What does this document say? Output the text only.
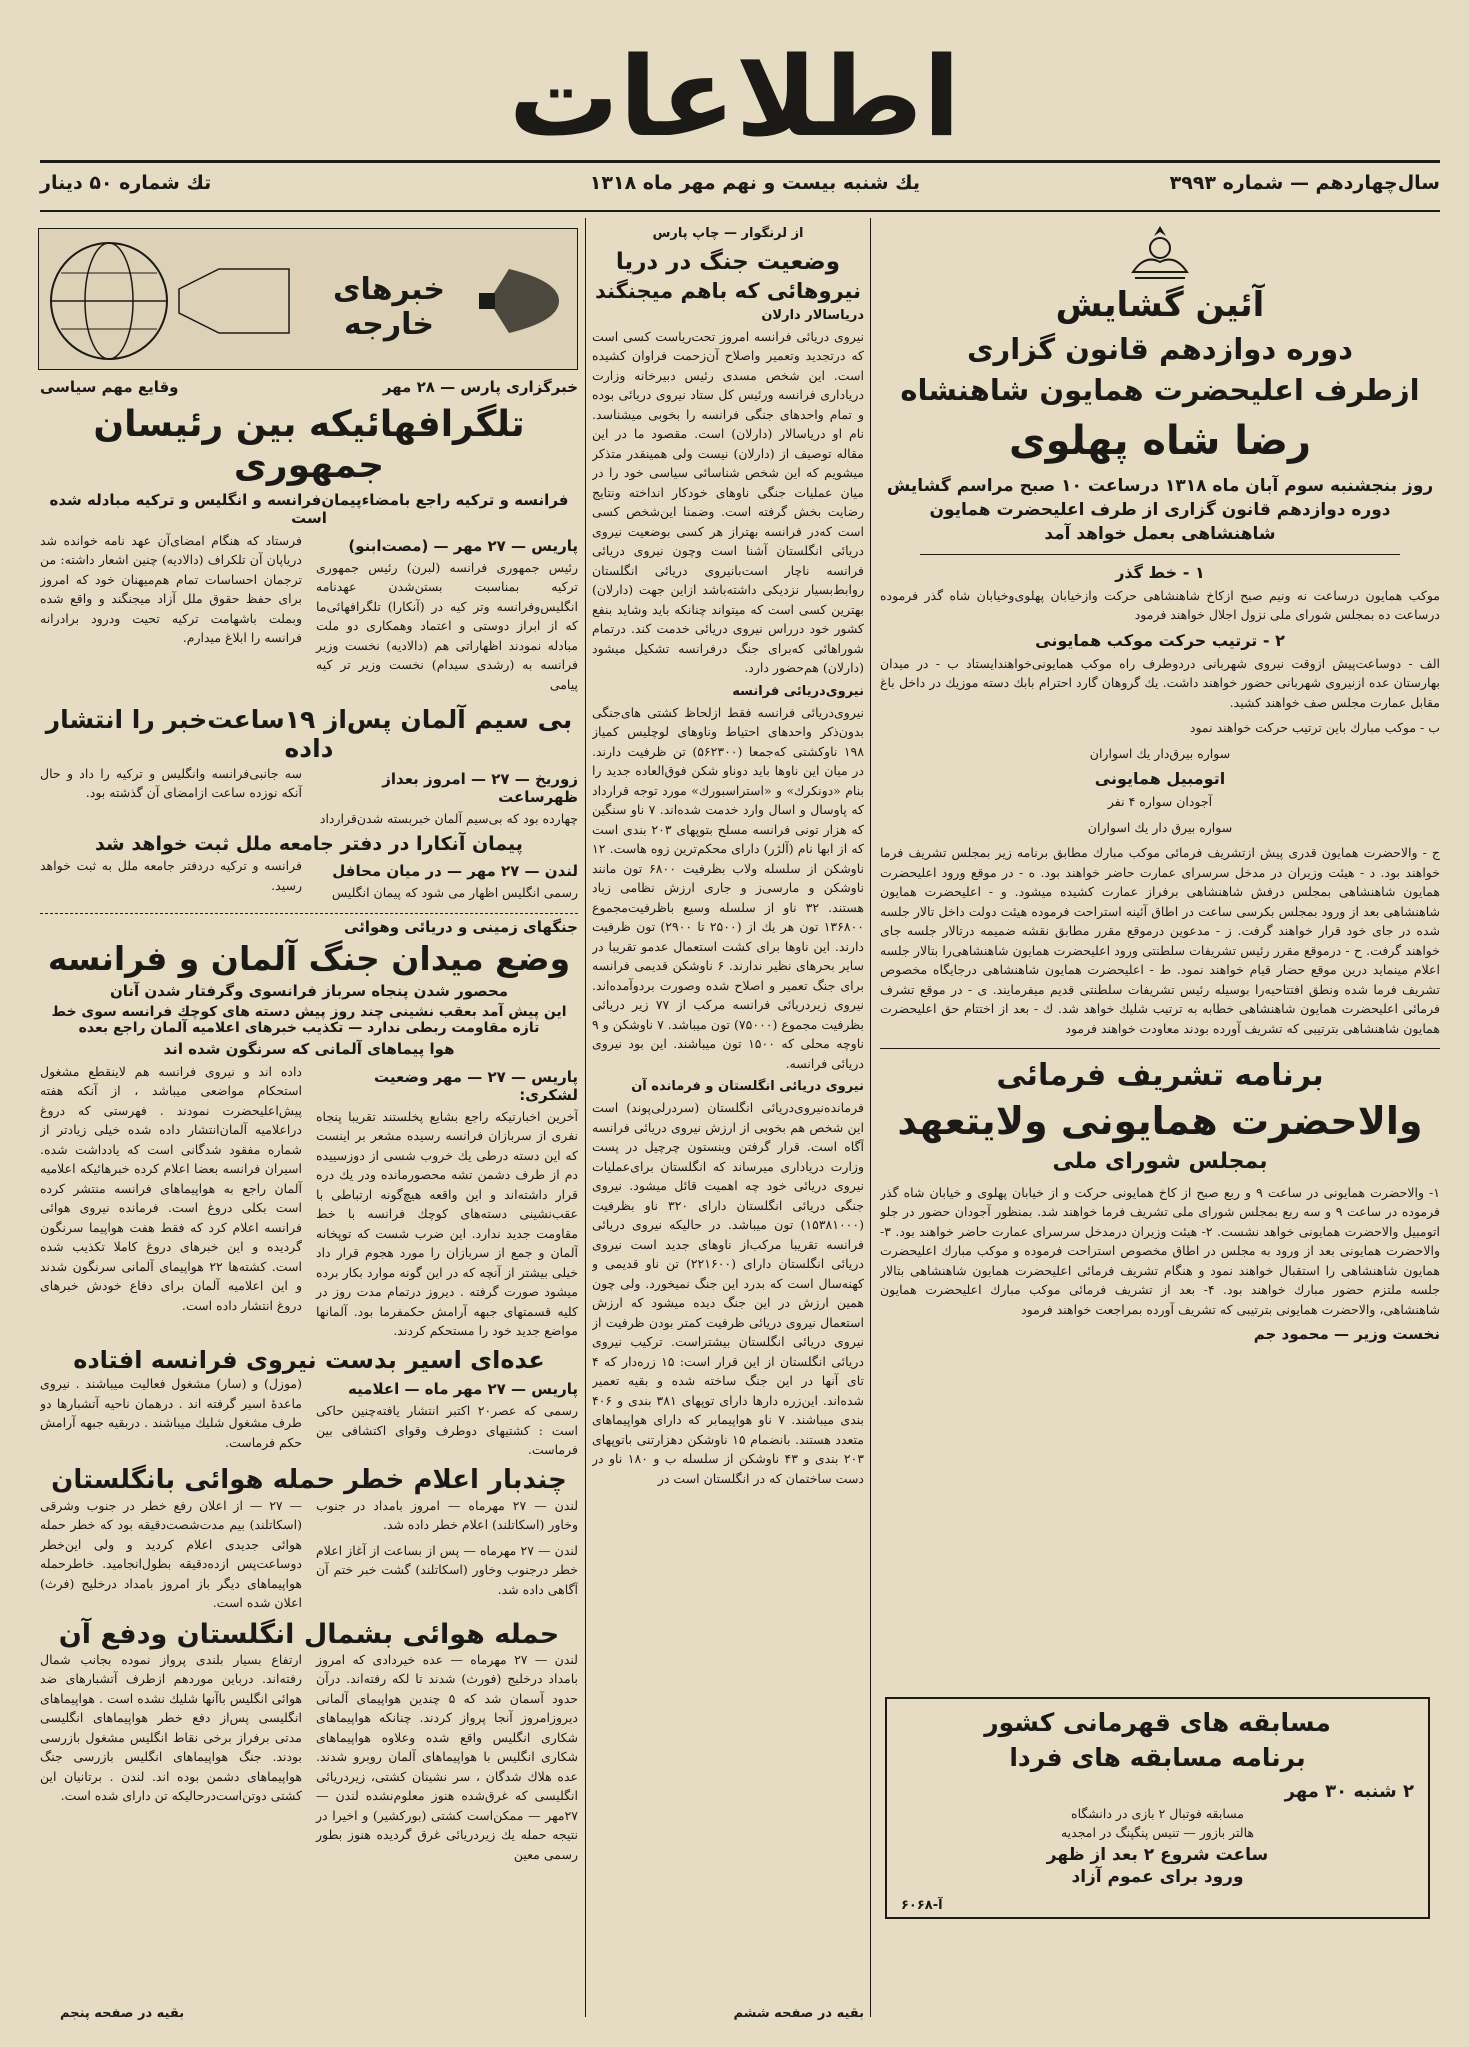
اطلاعات
سال‌چهاردهم — شماره ۳۹۹۳
یك شنبه بیست و نهم مهر ماه ۱۳۱۸
تك شماره ۵۰ دینار

آئین گشایش

دوره دوازدهم قانون گزاری

ازطرف اعلیحضرت همایون شاهنشاه

رضا شاه پهلوی

روز بنجشنبه سوم آبان ماه ۱۳۱۸ درساعت ۱۰ صبح مراسم گشایش دوره دوازدهم قانون گزاری از طرف اعلیحضرت همایون شاهنشاهی بعمل خواهد آمد

۱ - خط گذر

موکب همایون درساعت نه ونیم صبح ازکاخ شاهنشاهی حرکت وازخیابان پهلوی‌وخیابان شاه گذر فرموده درساعت ده بمجلس شورای ملی نزول اجلال خواهند فرمود

۲ - ترتیب حرکت موکب همایونی

الف - دوساعت‌پیش ازوقت نیروی شهربانی دردوطرف راه موکب همایونی‌خواهندایستاد ب - در میدان بهارستان عده ازنیروی شهربانی حضور خواهند داشت. یك گروهان گارد احترام بابك دسته موزیك در داخل باغ مقابل عمارت مجلس صف خواهند کشید.

ب - موکب مبارك باین ترتیب حرکت خواهند نمود

سواره بیرق‌دار یك اسواران

اتومبیل همایونی

آجودان سواره ۴ نفر

سواره بیرق دار یك اسواران

ج - والاحضرت همایون قدری پیش ازتشریف فرمائی موکب مبارك مطابق برنامه زیر بمجلس تشریف فرما خواهند بود. د - هیئت وزیران در مدخل سرسرای عمارت حاضر خواهند بود. ه - در موقع ورود اعلیحضرت همایون شاهنشاهی بمجلس درفش شاهنشاهی برفراز عمارت کشیده میشود. و - اعلیحضرت همایون شاهنشاهی بعد از ورود بمجلس بکرسی ساعت در اطاق آئینه استراحت فرموده هیئت دولت داخل تالار جلسه شده در جای خود قرار خواهند گرفت. ز - مدعوین درموقع مقرر مطابق نقشه ضمیمه درتالار جلسه جای خواهند گرفت. ح - درموقع مقرر رئیس تشریفات سلطنتی ورود اعلیحضرت همایون شاهنشاهی‌را بتالار جلسه اعلام مینماید درین موقع حضار قیام خواهند نمود. ط - اعلیحضرت همایون شاهنشاهی درجایگاه مخصوص تشریف فرما شده ونطق افتتاحیه‌را بوسیله رئیس تشریفات سلطنتی قدیم میفرمایند. ی - در موقع تشرف فرمائی اعلیحضرت همایون شاهنشاهی خطابه به ترتیب شلیك خواهد شد. ك - بعد از اختتام حق اعلیحضرت همایون شاهنشاهی بترتیبی که تشریف آورده بودند معاودت خواهند فرمود

برنامه تشریف فرمائی

والاحضرت همایونی ولایتعهد

بمجلس شورای ملی

۱- والاحضرت همایونی در ساعت ۹ و ربع صبح از کاخ همایونی حرکت و از خیابان پهلوی و خیابان شاه گذر فرموده در ساعت ۹ و سه ربع بمجلس شورای ملی تشریف فرما خواهند شد. بمنظور آجودان حضور در جلو اتومبیل والاحضرت همایونی خواهد نشست. ۲- هیئت وزیران درمدخل سرسرای عمارت حاضر خواهند بود. ۳- والاحضرت همایونی بعد از ورود به مجلس در اطاق مخصوص استراحت فرموده و موکب مبارك اعلیحضرت همایون شاهنشاهی را استقبال خواهند نمود و هنگام تشریف فرمائی اعلیحضرت همایون شاهنشاهی بتالار جلسه ملتزم حضور مبارك خواهند بود. ۴- بعد از تشریف فرمائی موکب مبارك اعلیحضرت همایون شاهنشاهی، والاحضرت همایونی بترتیبی که تشریف آورده بمراجعت خواهند فرمود

نخست وزیر — محمود جم

مسابقه های قهرمانی کشور

برنامه مسابقه های فردا

۲ شنبه ۳۰ مهر

مسابقه فوتبال ۲ بازی در دانشگاه

هالتر بازور — تنیس پنگپنگ در امجدیه

ساعت شروع ۲ بعد از ظهر

ورود برای عموم آزاد

آ-۶۰۶۸

از لرنگوار — چاپ پارس

وضعیت جنگ در دریا

نیروهائی که باهم میجنگند

دریاسالار دارلان

نیروی دریائی فرانسه امروز تحت‌ریاست کسی است که درتجدید وتعمیر واصلاح آن‌زحمت فراوان کشیده است. این شخص مسدی رئیس دبیرخانه وزارت دریاداری فرانسه ورئیس کل ستاد نیروی دریائی بوده و تمام واحدهای جنگی فرانسه را بخوبی میشناسد. نام او دریاسالار (دارلان) است. مقصود ما در این مقاله توصیف از (دارلان) نیست ولی همینقدر متذکر میشویم که این شخص شناسائی سیاسی خود را در میان عملیات جنگی ناوهای خودکار انداخته ونتایج رضایت بخش گرفته است. وضمنا این‌شخص کسی است که‌در فرانسه بهتراز هر کسی بوضعیت نیروی دریائی انگلستان آشنا است وچون نیروی دریائی فرانسه ناچار است‌بانیروی دریائی انگلستان روابط‌بسیار نزدیکی داشته‌باشد ازاین جهت (دارلان) بهترین کسی است که میتواند چنانکه باید وشاید بنفع کشور خود درراس نیروی دریائی خدمت کند. درتمام شوراهائی که‌برای جنگ درفرانسه تشکیل میشود (دارلان) هم‌حضور دارد.

نیروی‌دریائی فرانسه

نیروی‌دریائی فرانسه فقط ازلحاظ کشتی های‌جنگی بدون‌ذکر واحدهای احتیاط وناوهای لوچلیس کمیاز ۱۹۸ ناوکشتی که‌جمعا (۵۶۲۳۰۰) تن ظرفیت دارند. در میان این ناوها باید دوناو شکن فوق‌العاده جدید را بنام «دونکرك» و «استراسبورك» مورد توجه قرارداد که پاوسال و اسال وارد خدمت شده‌اند. ۷ ناو سنگین که هزار تونی فرانسه مسلح بتوپهای ۲۰۳ بندی است که از ابها نام (آلژر) دارای محکم‌ترین زوه هاست. ۱۲ ناوشکن از سلسله ولاب بظرفیت ۶۸۰۰ تون مانند ناوشکن و مارسی‌ز و جاری ارزش نظامی زیاد هستند. ۳۲ ناو از سلسله وسیع باظرفیت‌مجموع ۱۳۶۸۰۰ تون هر یك از (۲۵۰۰ تا ۲۹۰۰) تون ظرفیت دارند. این ناوها برای کشت استعمال عدمو تقریبا در سایر بحرهای نظیر ندارند. ۶ ناوشکن قدیمی فرانسه برای جنگ تعمیر و اصلاح شده وصورت بردوآمده‌اند. نیروی زیردریائی فرانسه مرکب از ۷۷ زیر دریائی بظرفیت مجموع (۷۵۰۰۰) تون میباشد. ۷ ناوشکن و ۹ ناوچه محلی که ۱۵۰۰ تون میباشند. این بود نیروی دریائی فرانسه.

نیروی دریائی انگلستان و فرمانده آن

فرمانده‌نیروی‌دریائی انگلستان (سردرلی‌پوند) است این شخص هم بخوبی از ارزش نیروی دریائی فرانسه آگاه است. قرار گرفتن وینستون چرچیل در پست وزارت دریاداری میرساند که انگلستان برای‌عملیات نیروی دریائی خود چه اهمیت قائل میشود. نیروی جنگی دریائی انگلستان دارای ۳۲۰ ناو بظرفیت (۱۵۳۸۱۰۰۰) تون میباشد. در حالیکه نیروی دریائی فرانسه تقریبا مرکب‌از ناوهای جدید است نیروی دریائی انگلستان دارای (۲۲۱۶۰۰) تن ناو قدیمی و کهنه‌سال است که بدرد این جنگ نمیخورد. ولی چون همین ارزش در این جنگ دیده میشود که ارزش استعمال نیروی دریائی ظرفیت کمتر بودن ظرفیت از نیروی دریائی انگلستان بیشتراست. ترکیب نیروی دریائی انگلستان از این قرار است: ۱۵ زره‌دار که ۴ تای آنها در این جنگ ساخته شده و بقیه تعمیر شده‌اند. این‌زره دارها دارای توپهای ۳۸۱ بندی و ۴۰۶ بندی میباشند. ۷ ناو هواپیمابر که دارای هواپیماهای متعدد هستند. بانضمام ۱۵ ناوشکن دهزارتنی باتوپهای ۲۰۳ بندی و ۴۳ ناوشکن از سلسله ب و ۱۸۰ ناو در دست ساختمان که در انگلستان است در

بقیه در صفحه ششم

خبرهای خارجه

خبرگزاری پارس — ۲۸ مهر

وقایع مهم سیاسی

تلگرافهائیکه بین رئیسان جمهوری

فرانسه و ترکیه راجع بامضاءپیمان‌فرانسه و انگلیس و ترکیه مبادله شده است

پاریس — ۲۷ مهر — (مصت‌ابنو)

رئیس جمهوری فرانسه (لبرن) رئیس جمهوری ترکیه بمناسبت بستن‌شدن عهدنامه انگلیس‌وفرانسه وتر کیه در (آنکارا) تلگرافهائی‌ما که از ابراز دوستی و اعتماد وهمکاری دو ملت مبادله نمودند اظهاراتی هم (دالادیه) نخست وزیر فرانسه به (رشدی سیدام) نخست وزیر تر کیه پیامی

فرستاد که هنگام امضای‌آن عهد نامه خوانده شد دریاپان آن تلکراف (دالادیه) چنین اشعار داشته: من ترجمان احساسات تمام هم‌میهنان خود که امروز برای حفظ حقوق ملل آزاد میجنگند و واقع شده وبملت باشهامت ترکیه تحیت ودرود برادرانه فرانسه را ابلاغ میدارم.

بی سیم آلمان پس‌از ۱۹ساعت‌خبر را انتشار داده

زوریخ — ۲۷ — امروز بعداز ظهرساعت

چهارده بود که بی‌سیم آلمان خبربسته شدن‌قرارداد

سه جانبی‌فرانسه وانگلیس و ترکیه را داد و حال آنکه نوزده ساعت ازامضای آن گذشته بود.

پیمان آنکارا در دفتر جامعه ملل ثبت خواهد شد

لندن — ۲۷ مهر — در میان محافل

رسمی انگلیس اظهار می شود که پیمان انگلیس

فرانسه و ترکیه دردفتر جامعه ملل به ثبت خواهد رسید.

جنگهای زمینی و دریائی وهوائی

وضع میدان جنگ آلمان و فرانسه

محصور شدن پنجاه سرباز فرانسوی وگرفتار شدن آنان

این پیش آمد بعقب نشینی چند روز پیش دسته های کوچك فرانسه سوی خط تازه مقاومت ربطی ندارد — تکذیب خبرهای اعلامیه آلمان راجع بعده

هوا پیماهای آلمانی که سرنگون شده اند

پاریس — ۲۷ — مهر وضعیت لشکری:

آخرین اخبارتیکه راجع بشایع پخلستند تقریبا پنجاه نفری از سربازان فرانسه رسیده مشعر بر اینست که این دسته درطی یك خروب شسی از دوزسییده دم از طرف دشمن تشه محصورمانده ودر یك دره قرار داشته‌اند و این واقعه هیچ‌گونه ارتباطی با عقب‌نشینی دسته‌های کوچك فرانسه با خط مقاومت جدید ندارد. این ضرب شست که توپخانه آلمان و جمع از سربازان را مورد هجوم قرار داد خیلی بیشتر از آنچه که در این گونه موارد بکار برده میشود صورت گرفته . دیروز درتمام مدت روز در کلیه قسمتهای جبهه آرامش حکمفرما بود. آلمانها مواضع جدید خود را مستحکم کردند.

داده اند و نیروی فرانسه هم لاینقطع مشغول استحکام مواضعی میباشد ، از آنکه هفته پیش‌اعلیحضرت نمودند . فهرستی که دروغ دراعلامیه آلمان‌انتشار داده شده خیلی زیادتر از شماره مفقود شدگانی است که یادداشت شده. اسیران فرانسه بعضا اعلام کرده خبرهائیکه اعلامیه آلمان راجع به هواپیماهای فرانسه منتشر کرده است بکلی دروغ است. فرمانده نیروی هوائی فرانسه اعلام کرد که فقط هفت هواپیما سرنگون گردیده و این خبرهای دروغ کاملا تکذیب شده است. کشته‌ها ۲۲ هواپیمای آلمانی سرنگون شدند و این اعلامیه آلمان برای دفاع خودش خبرهای دروغ انتشار داده است.

عده‌ای اسیر بدست نیروی فرانسه افتاده

پاریس — ۲۷ مهر ماه — اعلامیه

رسمی که عصر۲۰ اکتبر انتشار یافته‌چنین حاکی است : کشتیهای دوطرف وقوای اکتشافی بین فرماست.

(موزل) و (سار) مشغول فعالیت میباشند . نیروی ماعدۀ اسیر گرفته اند . درهمان ناحیه آتشبارها دو طرف مشغول شلیك میباشند . دربقیه جبهه آرامش حکم فرماست.

چندبار اعلام خطر حمله هوائی بانگلستان

لندن — ۲۷ مهرماه — امروز بامداد در جنوب وخاور (اسکاتلند) اعلام خطر داده شد.

لندن — ۲۷ مهرماه — پس از بساعت از آغاز اعلام خطر درجنوب وخاور (اسکاتلند) گشت خبر ختم آن آگاهی داده شد.

— ۲۷ — از اعلان رفع خطر در جنوب وشرقی (اسکاتلند) بیم مدت‌شصت‌دقیقه بود که خطر حمله هوائی جدیدی اعلام کردید و ولی این‌خطر دوساعت‌پس ازده‌دقیقه بطول‌انجامید. خاطرحمله هواپیماهای دیگر باز امروز بامداد درخلیج (فرث) اعلان شده است.

حمله هوائی بشمال انگلستان ودفع آن

لندن — ۲۷ مهرماه — عده خیردادی که امروز بامداد درخلیج (فورث) شدند تا لکه رفته‌اند. درآن حدود آسمان شد که ۵ چندین هواپیمای آلمانی دیروزامروز آنجا پرواز کردند. چنانکه هواپیماهای شکاری انگلیس واقع شده وعلاوه هواپیماهای شکاری انگلیس با هواپیماهای آلمان روبرو شدند. عده هلاك شدگان ، سر نشینان کشتی، زیردریائی انگلیسی که غرق‌شده هنوز معلوم‌نشده لندن — ۲۷مهر — ممکن‌است کشتی (بورکشیر) و اخیرا در نتیجه حمله یك زیردریائی غرق گردیده هنوز بطور رسمی معین

ارتفاع بسیار بلندی پرواز نموده بجانب شمال رفته‌اند. درباین موردهم ازطرف آتشبارهای ضد هوائی انگلیس باآنها شلیك نشده است . هواپیماهای انگلیسی پس‌از دفع خطر هواپیماهای انگلیسی مدتی برفراز برخی نقاط انگلیس مشغول بازرسی بودند. جنگ هواپیماهای انگلیس بازرسی جنگ هواپیماهای دشمن بوده اند. لندن . برتانیان این کشتی دوتن‌است‌درحالیکه تن دارای شده است.

بقیه در صفحه پنجم
